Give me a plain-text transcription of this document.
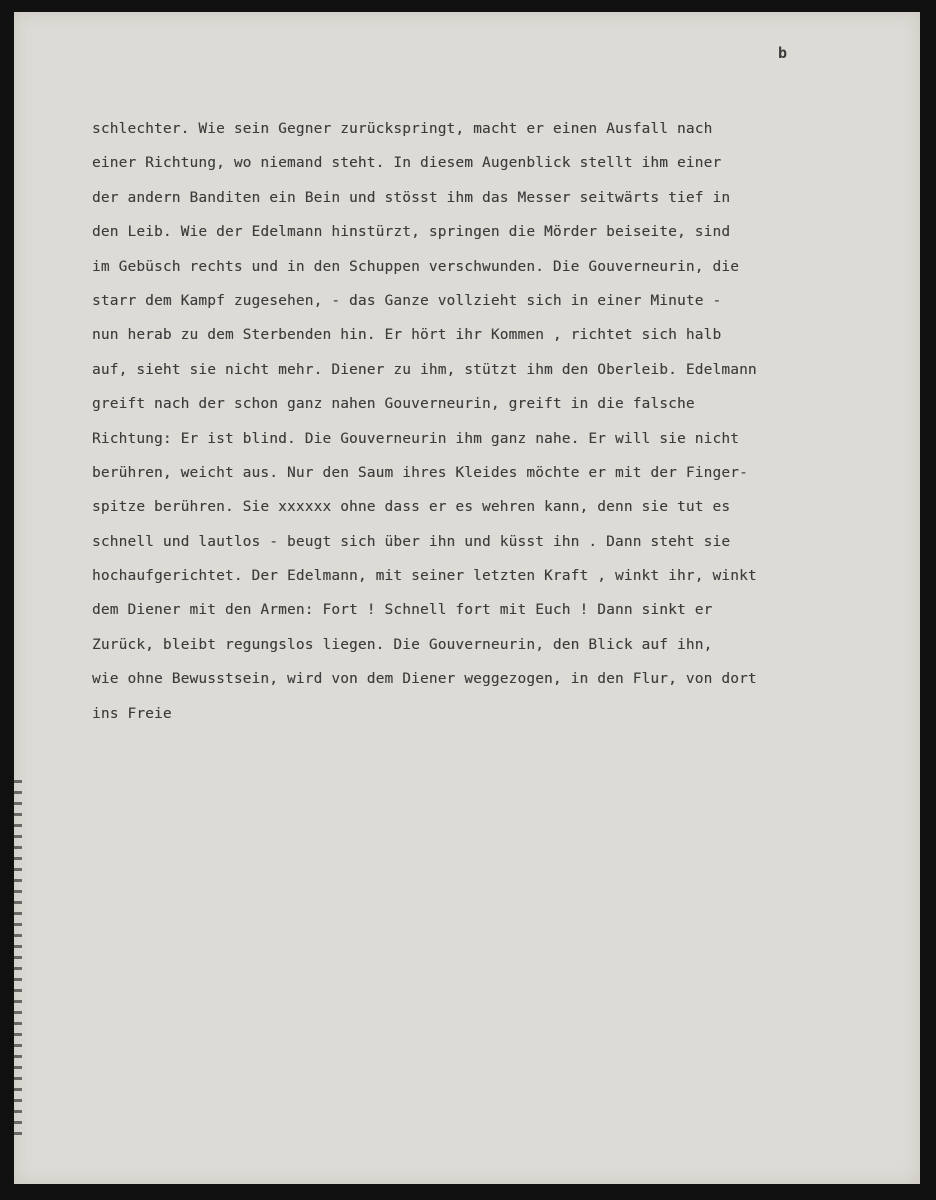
b
schlechter. Wie sein Gegner zurückspringt, macht er einen Ausfall nach
einer Richtung, wo niemand steht. In diesem Augenblick stellt ihm einer
der andern Banditen ein Bein und stösst ihm das Messer seitwärts tief in
den Leib. Wie der Edelmann hinstürzt, springen die Mörder beiseite, sind
im Gebüsch rechts und in den Schuppen verschwunden. Die Gouverneurin, die
starr dem Kampf zugesehen, - das Ganze vollzieht sich in einer Minute -
nun herab zu dem Sterbenden hin. Er hört ihr Kommen , richtet sich halb
auf, sieht sie nicht mehr. Diener zu ihm, stützt ihm den Oberleib. Edelmann
greift nach der schon ganz nahen Gouverneurin, greift in die falsche
Richtung: Er ist blind. Die Gouverneurin ihm ganz nahe. Er will sie nicht
berühren, weicht aus. Nur den Saum ihres Kleides möchte er mit der Finger-
spitze berühren. Sie xxxxxx ohne dass er es wehren kann, denn sie tut es
schnell und lautlos - beugt sich über ihn und küsst ihn . Dann steht sie
hochaufgerichtet. Der Edelmann, mit seiner letzten Kraft , winkt ihr, winkt
dem Diener mit den Armen: Fort ! Schnell fort mit Euch ! Dann sinkt er
Zurück, bleibt regungslos liegen. Die Gouverneurin, den Blick auf ihn,
wie ohne Bewusstsein, wird von dem Diener weggezogen, in den Flur, von dort
ins Freie
